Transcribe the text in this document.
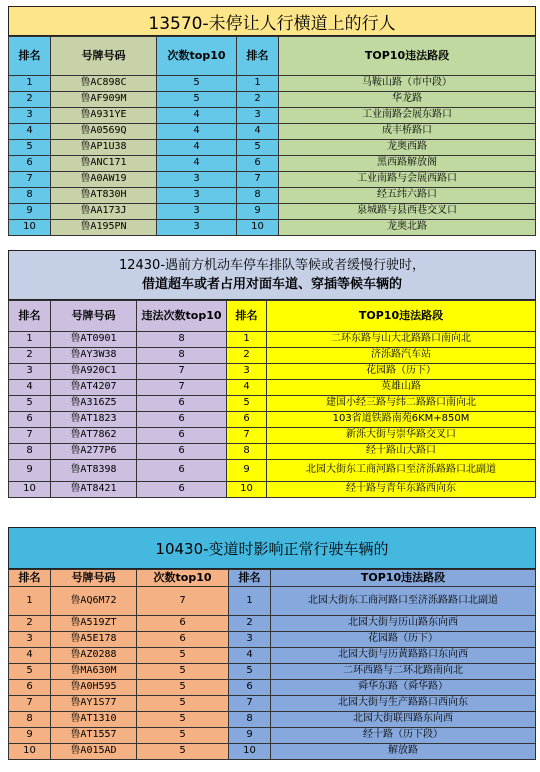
13570-未停让人行横道上的行人
排名	号牌号码	次数top10	排名	TOP10违法路段
1	鲁AC898C	5	1	马鞍山路（市中段）
2	鲁AF909M	5	2	华龙路
3	鲁A931YE	4	3	工业南路会展东路口
4	鲁A0569Q	4	4	成丰桥路口
5	鲁AP1U38	4	5	龙奥西路
6	鲁ANC171	4	6	黑西路解放阁
7	鲁A0AW19	3	7	工业南路与会展西路口
8	鲁AT830H	3	8	经五纬六路口
9	鲁AA173J	3	9	泉城路与县西巷交叉口
10	鲁A195PN	3	10	龙奥北路
12430-遇前方机动车停车排队等候或者缓慢行驶时，
借道超车或者占用对面车道、穿插等候车辆的
排名	号牌号码	违法次数top10	排名	TOP10违法路段
1	鲁AT0901	8	1	二环东路与山大北路路口南向北
2	鲁AY3W38	8	2	济泺路汽车站
3	鲁A920C1	7	3	花园路（历下）
4	鲁AT4207	7	4	英雄山路
5	鲁A316Z5	6	5	建国小经三路与纬二路路口南向北
6	鲁AT1823	6	6	103省道铁路南苑6KM+850M
7	鲁AT7862	6	7	新泺大街与崇华路交叉口
8	鲁A277P6	6	8	经十路山大路口
9	鲁AT8398	6	9	北园大街东工商河路口至济泺路路口北副道
10	鲁AT8421	6	10	经十路与青年东路西向东
10430-变道时影响正常行驶车辆的
排名	号牌号码	次数top10	排名	TOP10违法路段
1	鲁AQ6M72	7	1	北园大街东工商河路口至济泺路路口北副道
2	鲁A519ZT	6	2	北园大街与历山路东向西
3	鲁A5E178	6	3	花园路（历下）
4	鲁AZ0288	5	4	北园大街与历黄路路口东向西
5	鲁MA630M	5	5	二环西路与二环北路南向北
6	鲁A0H595	5	6	舜华东路（舜华路）
7	鲁AY1S77	5	7	北园大街与生产路路口西向东
8	鲁AT1310	5	8	北园大街联四路东向西
9	鲁AT1557	5	9	经十路（历下段）
10	鲁A015AD	5	10	解放路
